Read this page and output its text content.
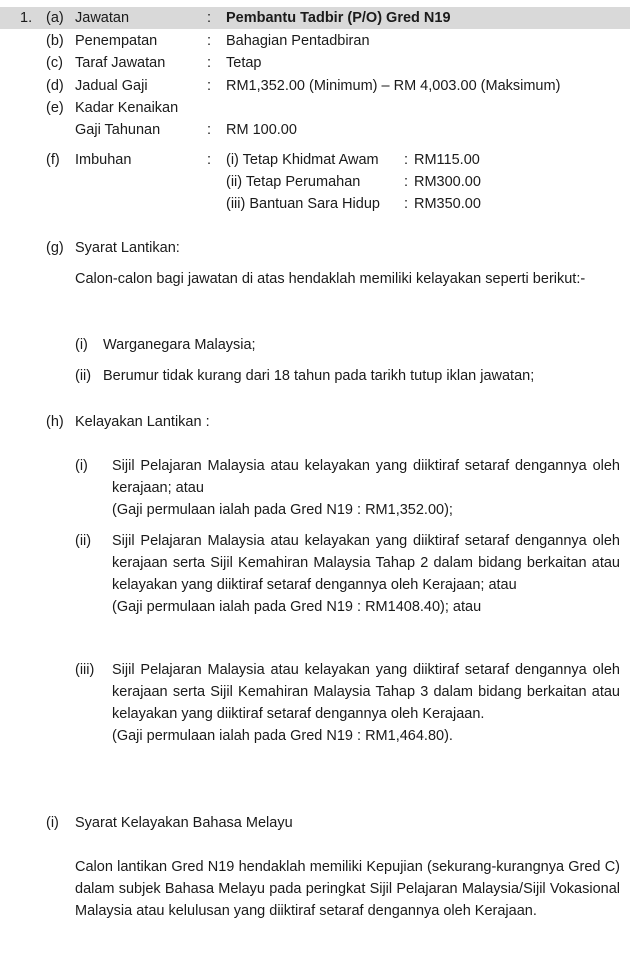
1. (a) Jawatan	: Pembantu Tadbir (P/O) Gred N19
(b) Penempatan	: Bahagian Pentadbiran
(c) Taraf Jawatan	: Tetap
(d) Jadual Gaji	: RM1,352.00 (Minimum) – RM 4,003.00 (Maksimum)
(e) Kadar Kenaikan
Gaji Tahunan	: RM 100.00
(f) Imbuhan	: (i) Tetap Khidmat Awam : RM115.00
(ii) Tetap Perumahan	: RM300.00
(iii) Bantuan Sara Hidup : RM350.00
(g) Syarat Lantikan:
Calon-calon bagi jawatan di atas hendaklah memiliki kelayakan seperti berikut:-
(i) Warganegara Malaysia;
(ii) Berumur tidak kurang dari 18 tahun pada tarikh tutup iklan jawatan;
(h) Kelayakan Lantikan :
(i) Sijil Pelajaran Malaysia atau kelayakan yang diiktiraf setaraf dengannya oleh kerajaan; atau
(Gaji permulaan ialah pada Gred N19 : RM1,352.00);
(ii) Sijil Pelajaran Malaysia atau kelayakan yang diiktiraf setaraf dengannya oleh kerajaan serta Sijil Kemahiran Malaysia Tahap 2 dalam bidang berkaitan atau kelayakan yang diiktiraf setaraf dengannya oleh Kerajaan; atau
(Gaji permulaan ialah pada Gred N19 : RM1408.40); atau
(iii) Sijil Pelajaran Malaysia atau kelayakan yang diiktiraf setaraf dengannya oleh kerajaan serta Sijil Kemahiran Malaysia Tahap 3 dalam bidang berkaitan atau kelayakan yang diiktiraf setaraf dengannya oleh Kerajaan.
(Gaji permulaan ialah pada Gred N19 : RM1,464.80).
(i) Syarat Kelayakan Bahasa Melayu
Calon lantikan Gred N19 hendaklah memiliki Kepujian (sekurang-kurangnya Gred C) dalam subjek Bahasa Melayu pada peringkat Sijil Pelajaran Malaysia/Sijil Vokasional Malaysia atau kelulusan yang diiktiraf setaraf dengannya oleh Kerajaan.
